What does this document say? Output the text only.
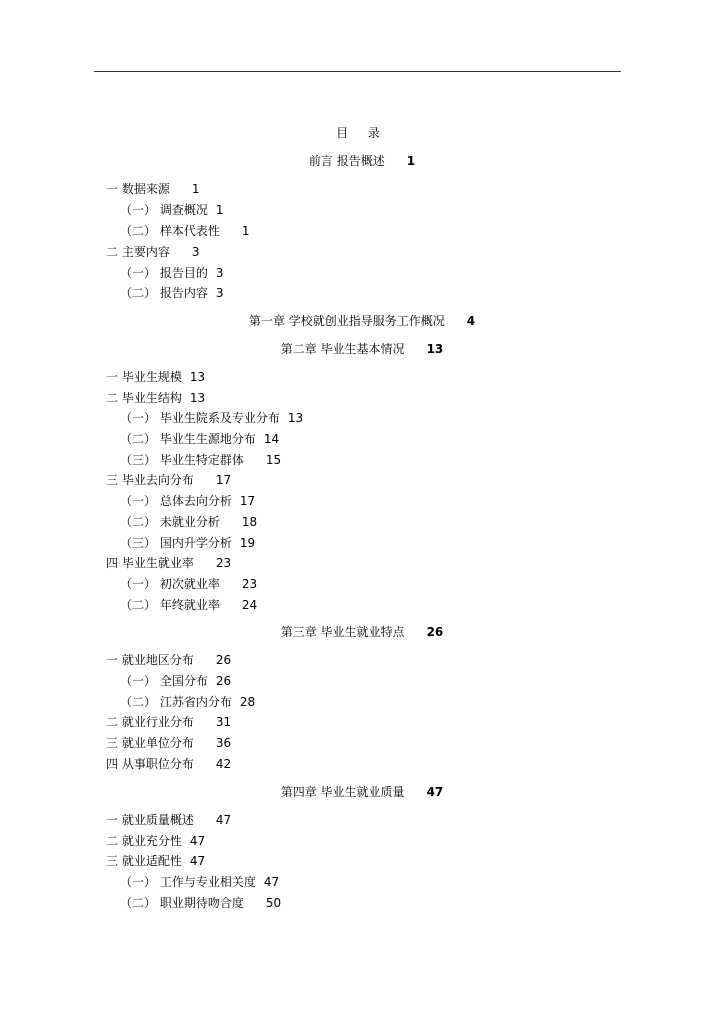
目 录
前言 报告概述 1
一 数据来源 1
（一） 调查概况 1
（二） 样本代表性 1
二 主要内容 3
（一） 报告目的 3
（二） 报告内容 3
第一章 学校就创业指导服务工作概况 4
第二章 毕业生基本情况 13
一 毕业生规模 13
二 毕业生结构 13
（一） 毕业生院系及专业分布 13
（二） 毕业生生源地分布 14
（三） 毕业生特定群体 15
三 毕业去向分布 17
（一） 总体去向分析 17
（二） 未就业分析 18
（三） 国内升学分析 19
四 毕业生就业率 23
（一） 初次就业率 23
（二） 年终就业率 24
第三章 毕业生就业特点 26
一 就业地区分布 26
（一） 全国分布 26
（二） 江苏省内分布 28
二 就业行业分布 31
三 就业单位分布 36
四 从事职位分布 42
第四章 毕业生就业质量 47
一 就业质量概述 47
二 就业充分性 47
三 就业适配性 47
（一） 工作与专业相关度 47
（二） 职业期待吻合度 50
